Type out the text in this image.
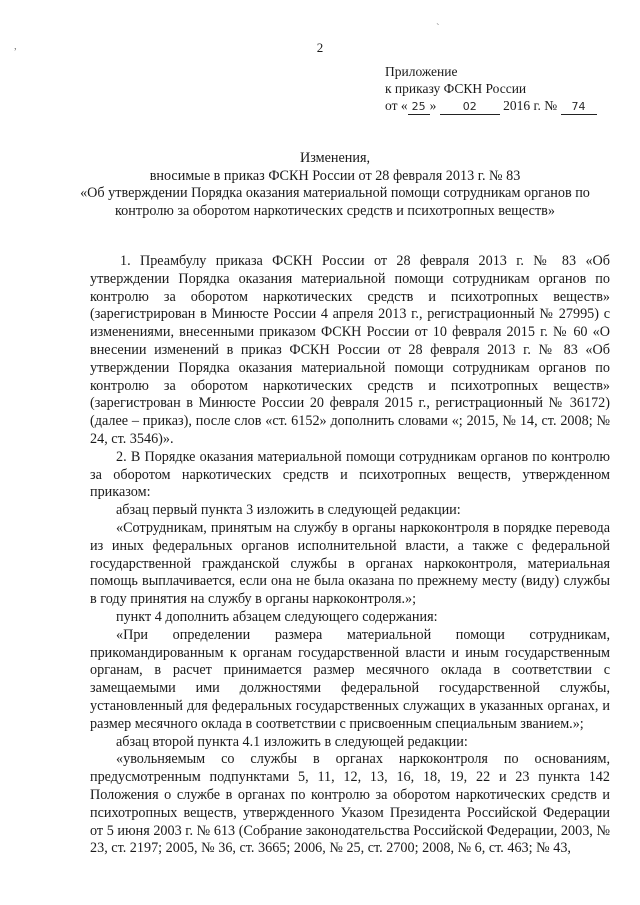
,
`
2
Приложение
к приказу ФСКН России
от « 25 » 02 2016 г. № 74
Изменения,
вносимые в приказ ФСКН России от 28 февраля 2013 г. № 83
«Об утверждении Порядка оказания материальной помощи сотрудникам органов по
контролю за оборотом наркотических средств и психотропных веществ»

1. Преамбулу приказа ФСКН России от 28 февраля 2013 г. № 83 «Об утверждении Порядка оказания материальной помощи сотрудникам органов по контролю за оборотом наркотических средств и психотропных веществ» (зарегистрирован в Минюсте России 4 апреля 2013 г., регистрационный № 27995) с изменениями, внесенными приказом ФСКН России от 10 февраля 2015 г. № 60 «О внесении изменений в приказ ФСКН России от 28 февраля 2013 г. № 83 «Об утверждении Порядка оказания материальной помощи сотрудникам органов по контролю за оборотом наркотических средств и психотропных веществ» (зарегистрован в Минюсте России 20 февраля 2015 г., регистрационный № 36172) (далее – приказ), после слов «ст. 6152» дополнить словами «; 2015, № 14, ст. 2008; № 24, ст. 3546)».

2. В Порядке оказания материальной помощи сотрудникам органов по контролю за оборотом наркотических средств и психотропных веществ, утвержденном приказом:

абзац первый пункта 3 изложить в следующей редакции:

«Сотрудникам, принятым на службу в органы наркоконтроля в порядке перевода из иных федеральных органов исполнительной власти, а также с федеральной государственной гражданской службы в органах наркоконтроля, материальная помощь выплачивается, если она не была оказана по прежнему месту (виду) службы в году принятия на службу в органы наркоконтроля.»;

пункт 4 дополнить абзацем следующего содержания:

«При определении размера материальной помощи сотрудникам, прикомандированным к органам государственной власти и иным государственным органам, в расчет принимается размер месячного оклада в соответствии с замещаемыми ими должностями федеральной государственной службы, установленный для федеральных государственных служащих в указанных органах, и размер месячного оклада в соответствии с присвоенным специальным званием.»;

абзац второй пункта 4.1 изложить в следующей редакции:

«увольняемым со службы в органах наркоконтроля по основаниям, предусмотренным подпунктами 5, 11, 12, 13, 16, 18, 19, 22 и 23 пункта 142 Положения о службе в органах по контролю за оборотом наркотических средств и психотропных веществ, утвержденного Указом Президента Российской Федерации от 5 июня 2003 г. № 613 (Собрание законодательства Российской Федерации, 2003, № 23, ст. 2197; 2005, № 36, ст. 3665; 2006, № 25, ст. 2700; 2008, № 6, ст. 463; № 43,
